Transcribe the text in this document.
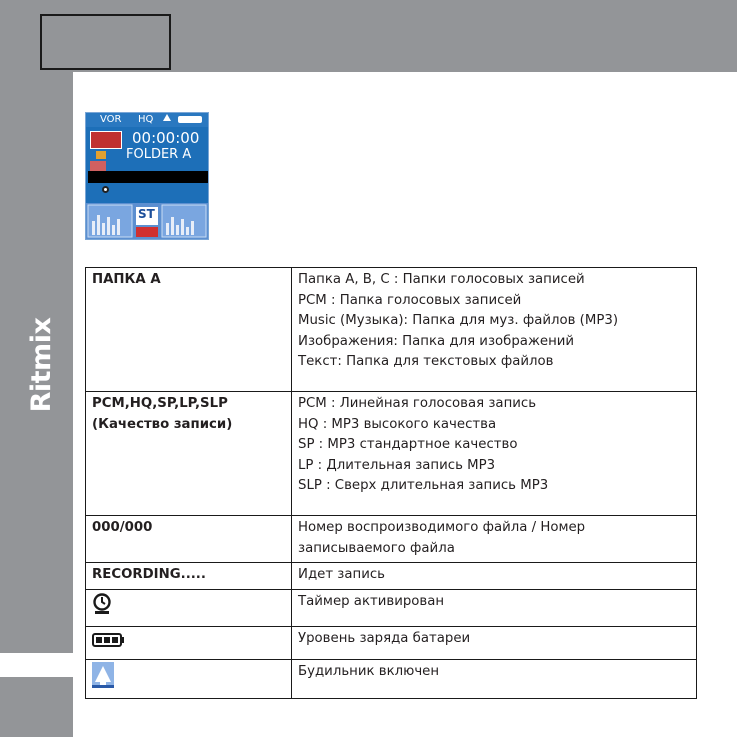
Ritmix
VOR HQ
00:00:00
FOLDER A
ST
ПАПКА А	Папка A, B, C : Папки голосовых записей
PCM : Папка голосовых записей
Music (Музыка): Папка для муз. файлов (MP3)
Изображения: Папка для изображений
Текст: Папка для текстовых файлов

PCM,HQ,SP,LP,SLP
(Качество записи)	PCM : Линейная голосовая запись
HQ : MP3 высокого качества
SP : MP3 стандартное качество
LP : Длительная запись MP3
SLP : Сверх длительная запись MP3

000/000	Номер воспроизводимого файла / Номер
записываемого файла

RECORDING.....	Идет запись

Таймер активирован

Уровень заряда батареи

Будильник включен
